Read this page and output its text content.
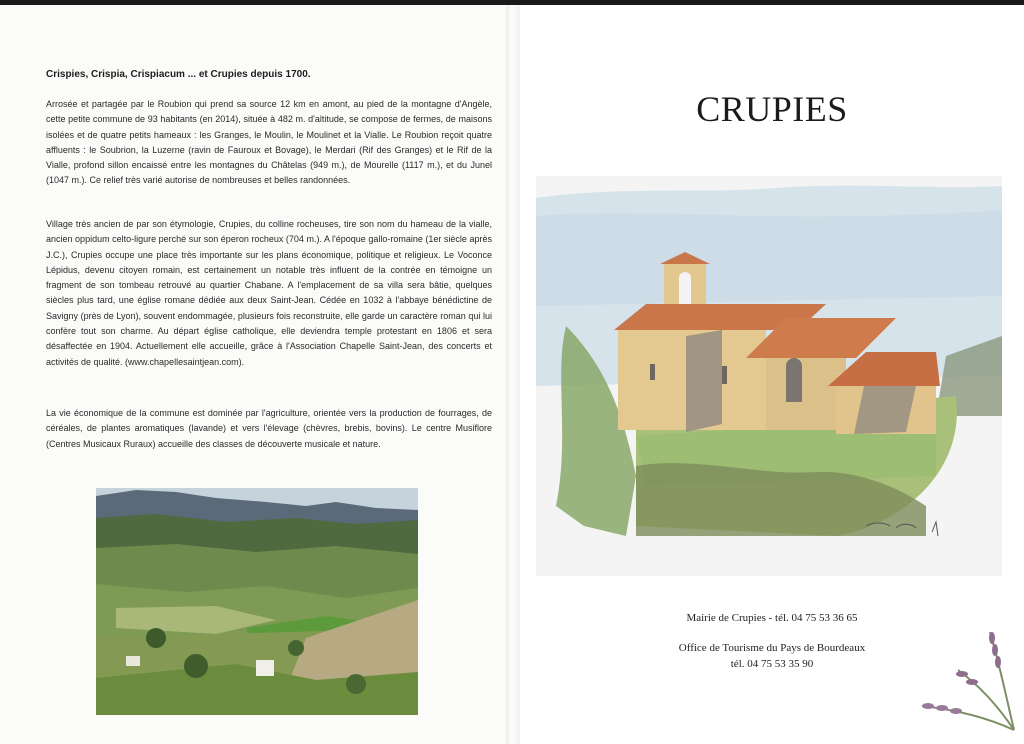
Crispies, Crispia, Crispiacum ... et Crupies depuis 1700.

Arrosée et partagée par le Roubion qui prend sa source 12 km en amont, au pied de la montagne d'Angèle, cette petite commune de 93 habitants (en 2014), située à 482 m. d'altitude, se compose de fermes, de maisons isolées et de quatre petits hameaux : les Granges, le Moulin, le Moulinet et la Vialle. Le Roubion reçoit quatre affluents : le Soubrion, la Luzerne (ravin de Fauroux et Bovage), le Merdari (Rif des Granges) et le Rif de la Vialle, profond sillon encaissé entre les montagnes du Châtelas (949 m.), de Mourelle (1117 m.), et du Junel (1047 m.). Ce relief très varié autorise de nombreuses et belles randonnées.

Village très ancien de par son étymologie, Crupies, du colline rocheuses, tire son nom du hameau de la vialle, ancien oppidum celto-ligure perché sur son éperon rocheux (704 m.). A l'époque gallo-romaine (1er siècle après J.C.), Crupies occupe une place très importante sur les plans économique, politique et religieux. Le Voconce Lépidus, devenu citoyen romain, est certainement un notable très influent de la contrée en témoigne un fragment de son tombeau retrouvé au quartier Chabane. A l'emplacement de sa villa sera bâtie, quelques siècles plus tard, une église romane dédiée aux deux Saint-Jean. Cédée en 1032 à l'abbaye bénédictine de Savigny (près de Lyon), souvent endommagée, plusieurs fois reconstruite, elle garde un caractère roman qui lui confère tout son charme. Au départ église catholique, elle deviendra temple protestant en 1806 et sera désaffectée en 1904. Actuellement elle accueille, grâce à l'Association Chapelle Saint-Jean, des concerts et activités de qualité. (www.chapellesaintjean.com).

La vie économique de la commune est dominée par l'agriculture, orientée vers la production de fourrages, de céréales, de plantes aromatiques (lavande) et vers l'élevage (chèvres, brebis, bovins). Le centre Musiflore (Centres Musicaux Ruraux) accueille des classes de découverte musicale et nature.

CRUPIES
Mairie de Crupies - tél. 04 75 53 36 65
Office de Tourisme du Pays de Bourdeaux
tél. 04 75 53 35 90
